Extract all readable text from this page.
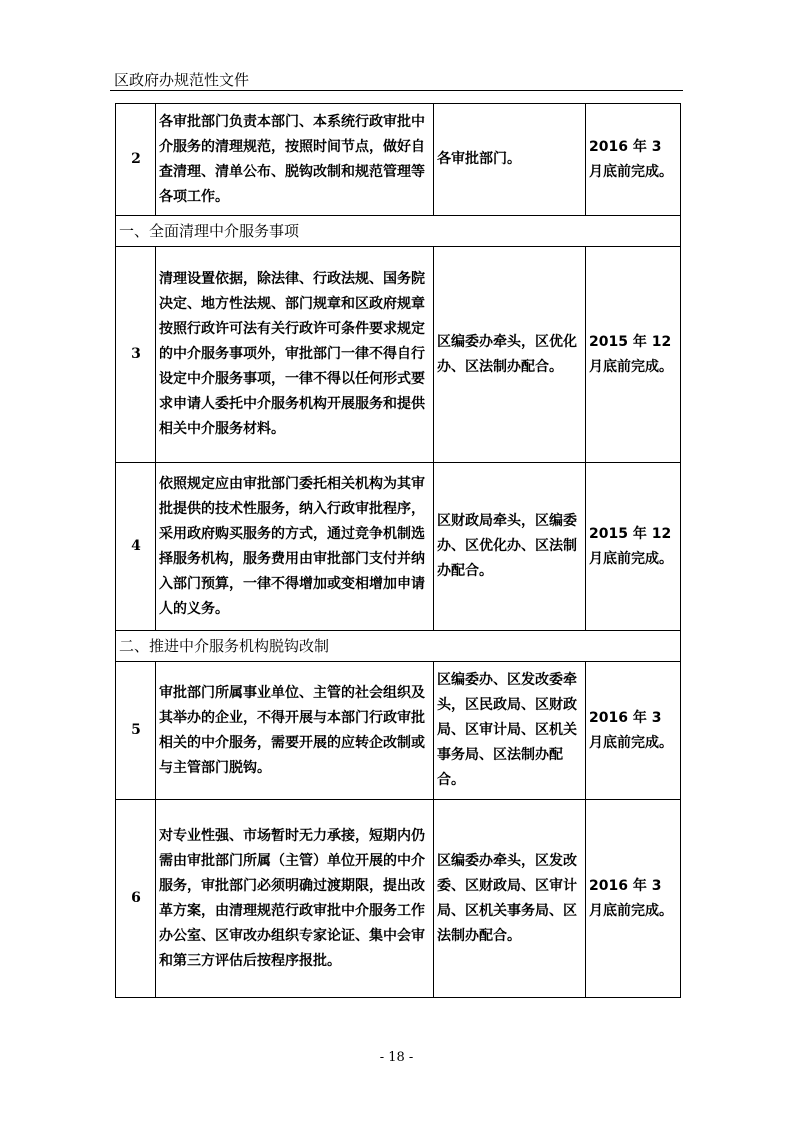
区政府办规范性文件
2	各审批部门负责本部门、本系统行政审批中介服务的清理规范，按照时间节点，做好自查清理、清单公布、脱钩改制和规范管理等各项工作。	各审批部门。	2016 年 3 月底前完成。
一、全面清理中介服务事项			
3	清理设置依据，除法律、行政法规、国务院决定、地方性法规、部门规章和区政府规章按照行政许可法有关行政许可条件要求规定的中介服务事项外，审批部门一律不得自行设定中介服务事项，一律不得以任何形式要求申请人委托中介服务机构开展服务和提供相关中介服务材料。	区编委办牵头，区优化办、区法制办配合。	2015 年 12 月底前完成。
4	依照规定应由审批部门委托相关机构为其审批提供的技术性服务，纳入行政审批程序，采用政府购买服务的方式，通过竞争机制选择服务机构，服务费用由审批部门支付并纳入部门预算，一律不得增加或变相增加申请人的义务。	区财政局牵头，区编委办、区优化办、区法制办配合。	2015 年 12 月底前完成。
二、推进中介服务机构脱钩改制			
5	审批部门所属事业单位、主管的社会组织及其举办的企业，不得开展与本部门行政审批相关的中介服务，需要开展的应转企改制或与主管部门脱钩。	区编委办、区发改委牵头，区民政局、区财政局、区审计局、区机关事务局、区法制办配合。	2016 年 3 月底前完成。
6	对专业性强、市场暂时无力承接，短期内仍需由审批部门所属（主管）单位开展的中介服务，审批部门必须明确过渡期限，提出改革方案，由清理规范行政审批中介服务工作办公室、区审改办组织专家论证、集中会审和第三方评估后按程序报批。	区编委办牵头，区发改委、区财政局、区审计局、区机关事务局、区法制办配合。	2016 年 3 月底前完成。
- 18 -
